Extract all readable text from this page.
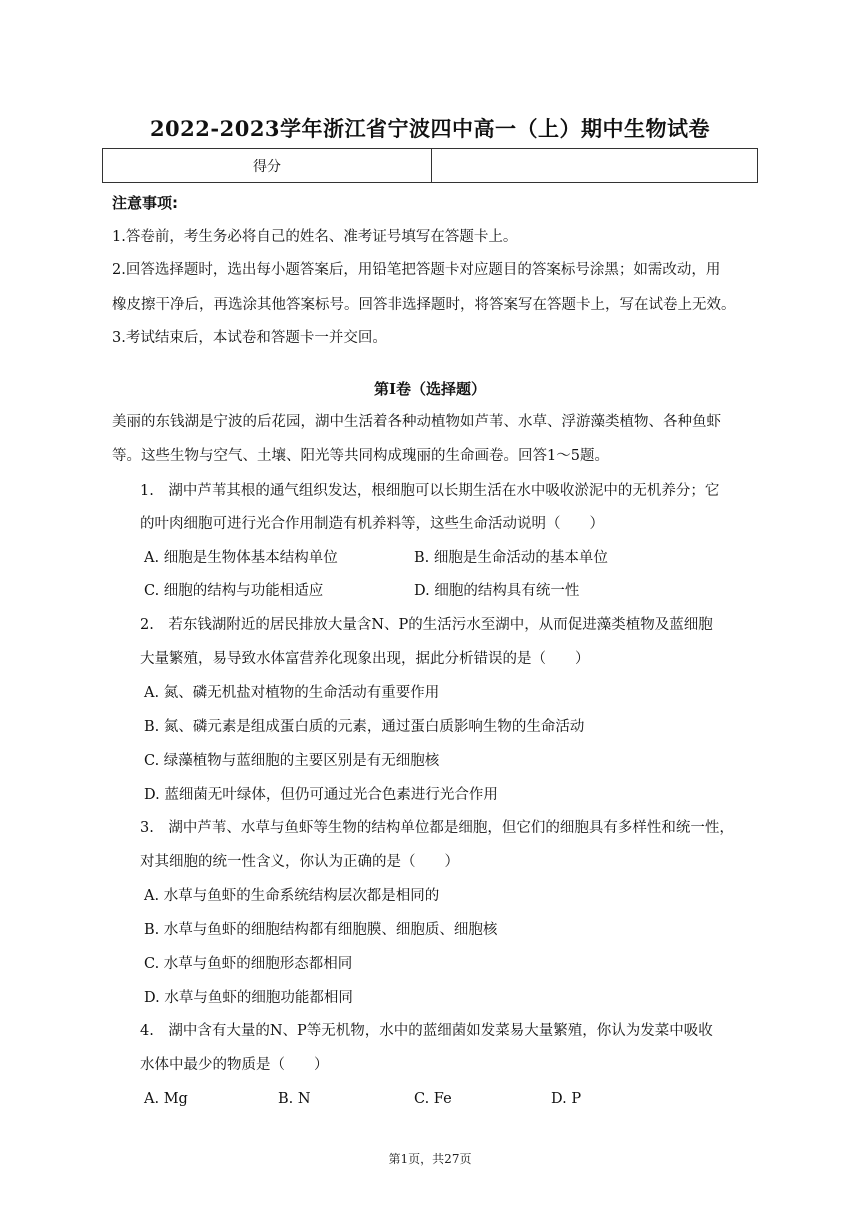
2022-2023学年浙江省宁波四中高一（上）期中生物试卷
得分
注意事项:
1.答卷前，考生务必将自己的姓名、准考证号填写在答题卡上。
2.回答选择题时，选出每小题答案后，用铅笔把答题卡对应题目的答案标号涂黑；如需改动，用
橡皮擦干净后，再选涂其他答案标号。回答非选择题时，将答案写在答题卡上，写在试卷上无效。
3.考试结束后，本试卷和答题卡一并交回。
第I卷（选择题）
美丽的东钱湖是宁波的后花园，湖中生活着各种动植物如芦苇、水草、浮游藻类植物、各种鱼虾
等。这些生物与空气、土壤、阳光等共同构成瑰丽的生命画卷。回答1～5题。
1.　湖中芦苇其根的通气组织发达，根细胞可以长期生活在水中吸收淤泥中的无机养分；它
的叶肉细胞可进行光合作用制造有机养料等，这些生命活动说明（　　）
A. 细胞是生物体基本结构单位	B. 细胞是生命活动的基本单位
C. 细胞的结构与功能相适应	D. 细胞的结构具有统一性
2.　若东钱湖附近的居民排放大量含N、P的生活污水至湖中，从而促进藻类植物及蓝细胞
大量繁殖，易导致水体富营养化现象出现，据此分析错误的是（　　）
A. 氮、磷无机盐对植物的生命活动有重要作用
B. 氮、磷元素是组成蛋白质的元素，通过蛋白质影响生物的生命活动
C. 绿藻植物与蓝细胞的主要区别是有无细胞核
D. 蓝细菌无叶绿体，但仍可通过光合色素进行光合作用
3.　湖中芦苇、水草与鱼虾等生物的结构单位都是细胞，但它们的细胞具有多样性和统一性，
对其细胞的统一性含义，你认为正确的是（　　）
A. 水草与鱼虾的生命系统结构层次都是相同的
B. 水草与鱼虾的细胞结构都有细胞膜、细胞质、细胞核
C. 水草与鱼虾的细胞形态都相同
D. 水草与鱼虾的细胞功能都相同
4.　湖中含有大量的N、P等无机物，水中的蓝细菌如发菜易大量繁殖，你认为发菜中吸收
水体中最少的物质是（　　）
A. Mg	B. N	C. Fe	D. P
第1页，共27页
